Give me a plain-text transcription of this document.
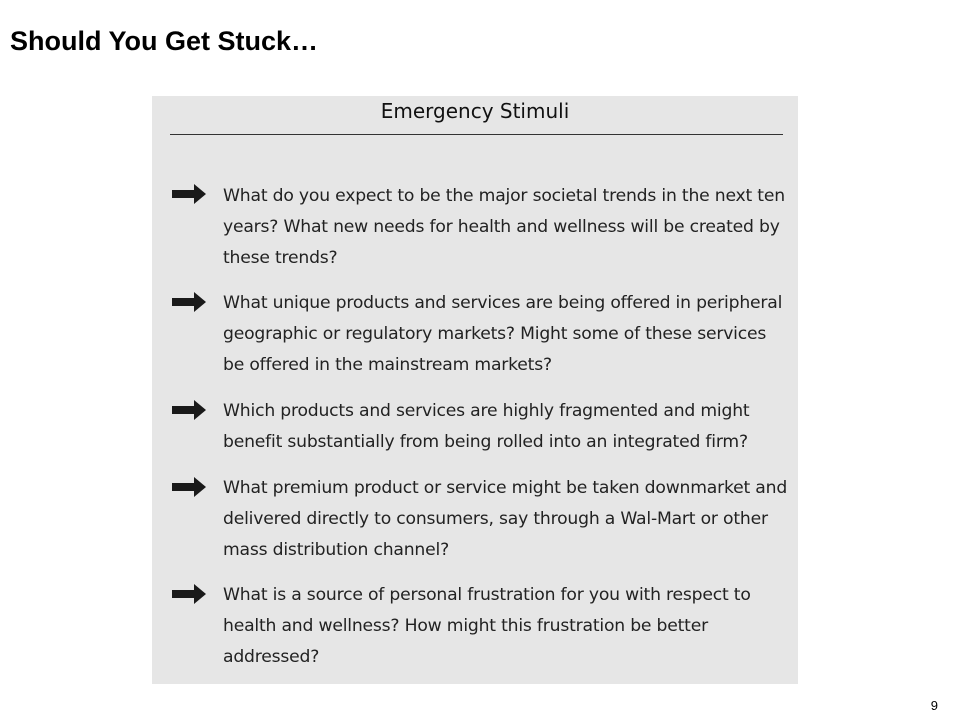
Should You Get Stuck…
Emergency Stimuli

What do you expect to be the major societal trends in the next ten years? What new needs for health and wellness will be created by these trends?

What unique products and services are being offered in peripheral geographic or regulatory markets? Might some of these services be offered in the mainstream markets?

Which products and services are highly fragmented and might benefit substantially from being rolled into an integrated firm?

What premium product or service might be taken downmarket and delivered directly to consumers, say through a Wal-Mart or other mass distribution channel?

What is a source of personal frustration for you with respect to health and wellness? How might this frustration be better addressed?

9
